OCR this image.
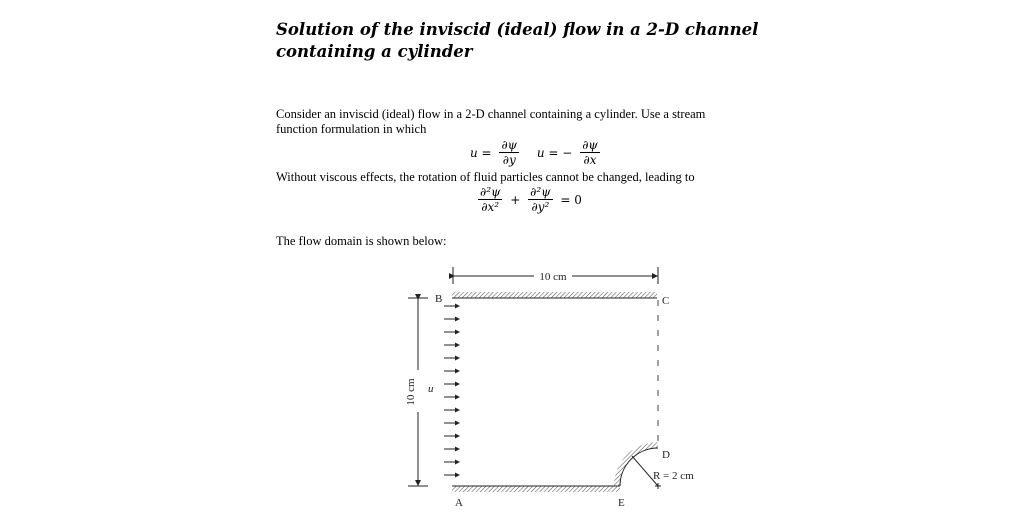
Solution of the inviscid (ideal) flow in a 2-D channel containing a cylinder

Consider an inviscid (ideal) flow in a 2-D channel containing a cylinder. Use a stream
function formulation in which

$u = \frac{\partial\psi}{\partial y}$ u = − $\frac{\partial\psi}{\partial x}$

Without viscous effects, the rotation of fluid particles cannot be changed, leading to

$\frac{\text{∂²ψ}}{\text{∂x²}} + \frac{\text{∂²ψ}}{\text{∂y²}} = 0$

The flow domain is shown below:

10 cm
10 cm
R = 2 cm
u
B	C
D
A	E
